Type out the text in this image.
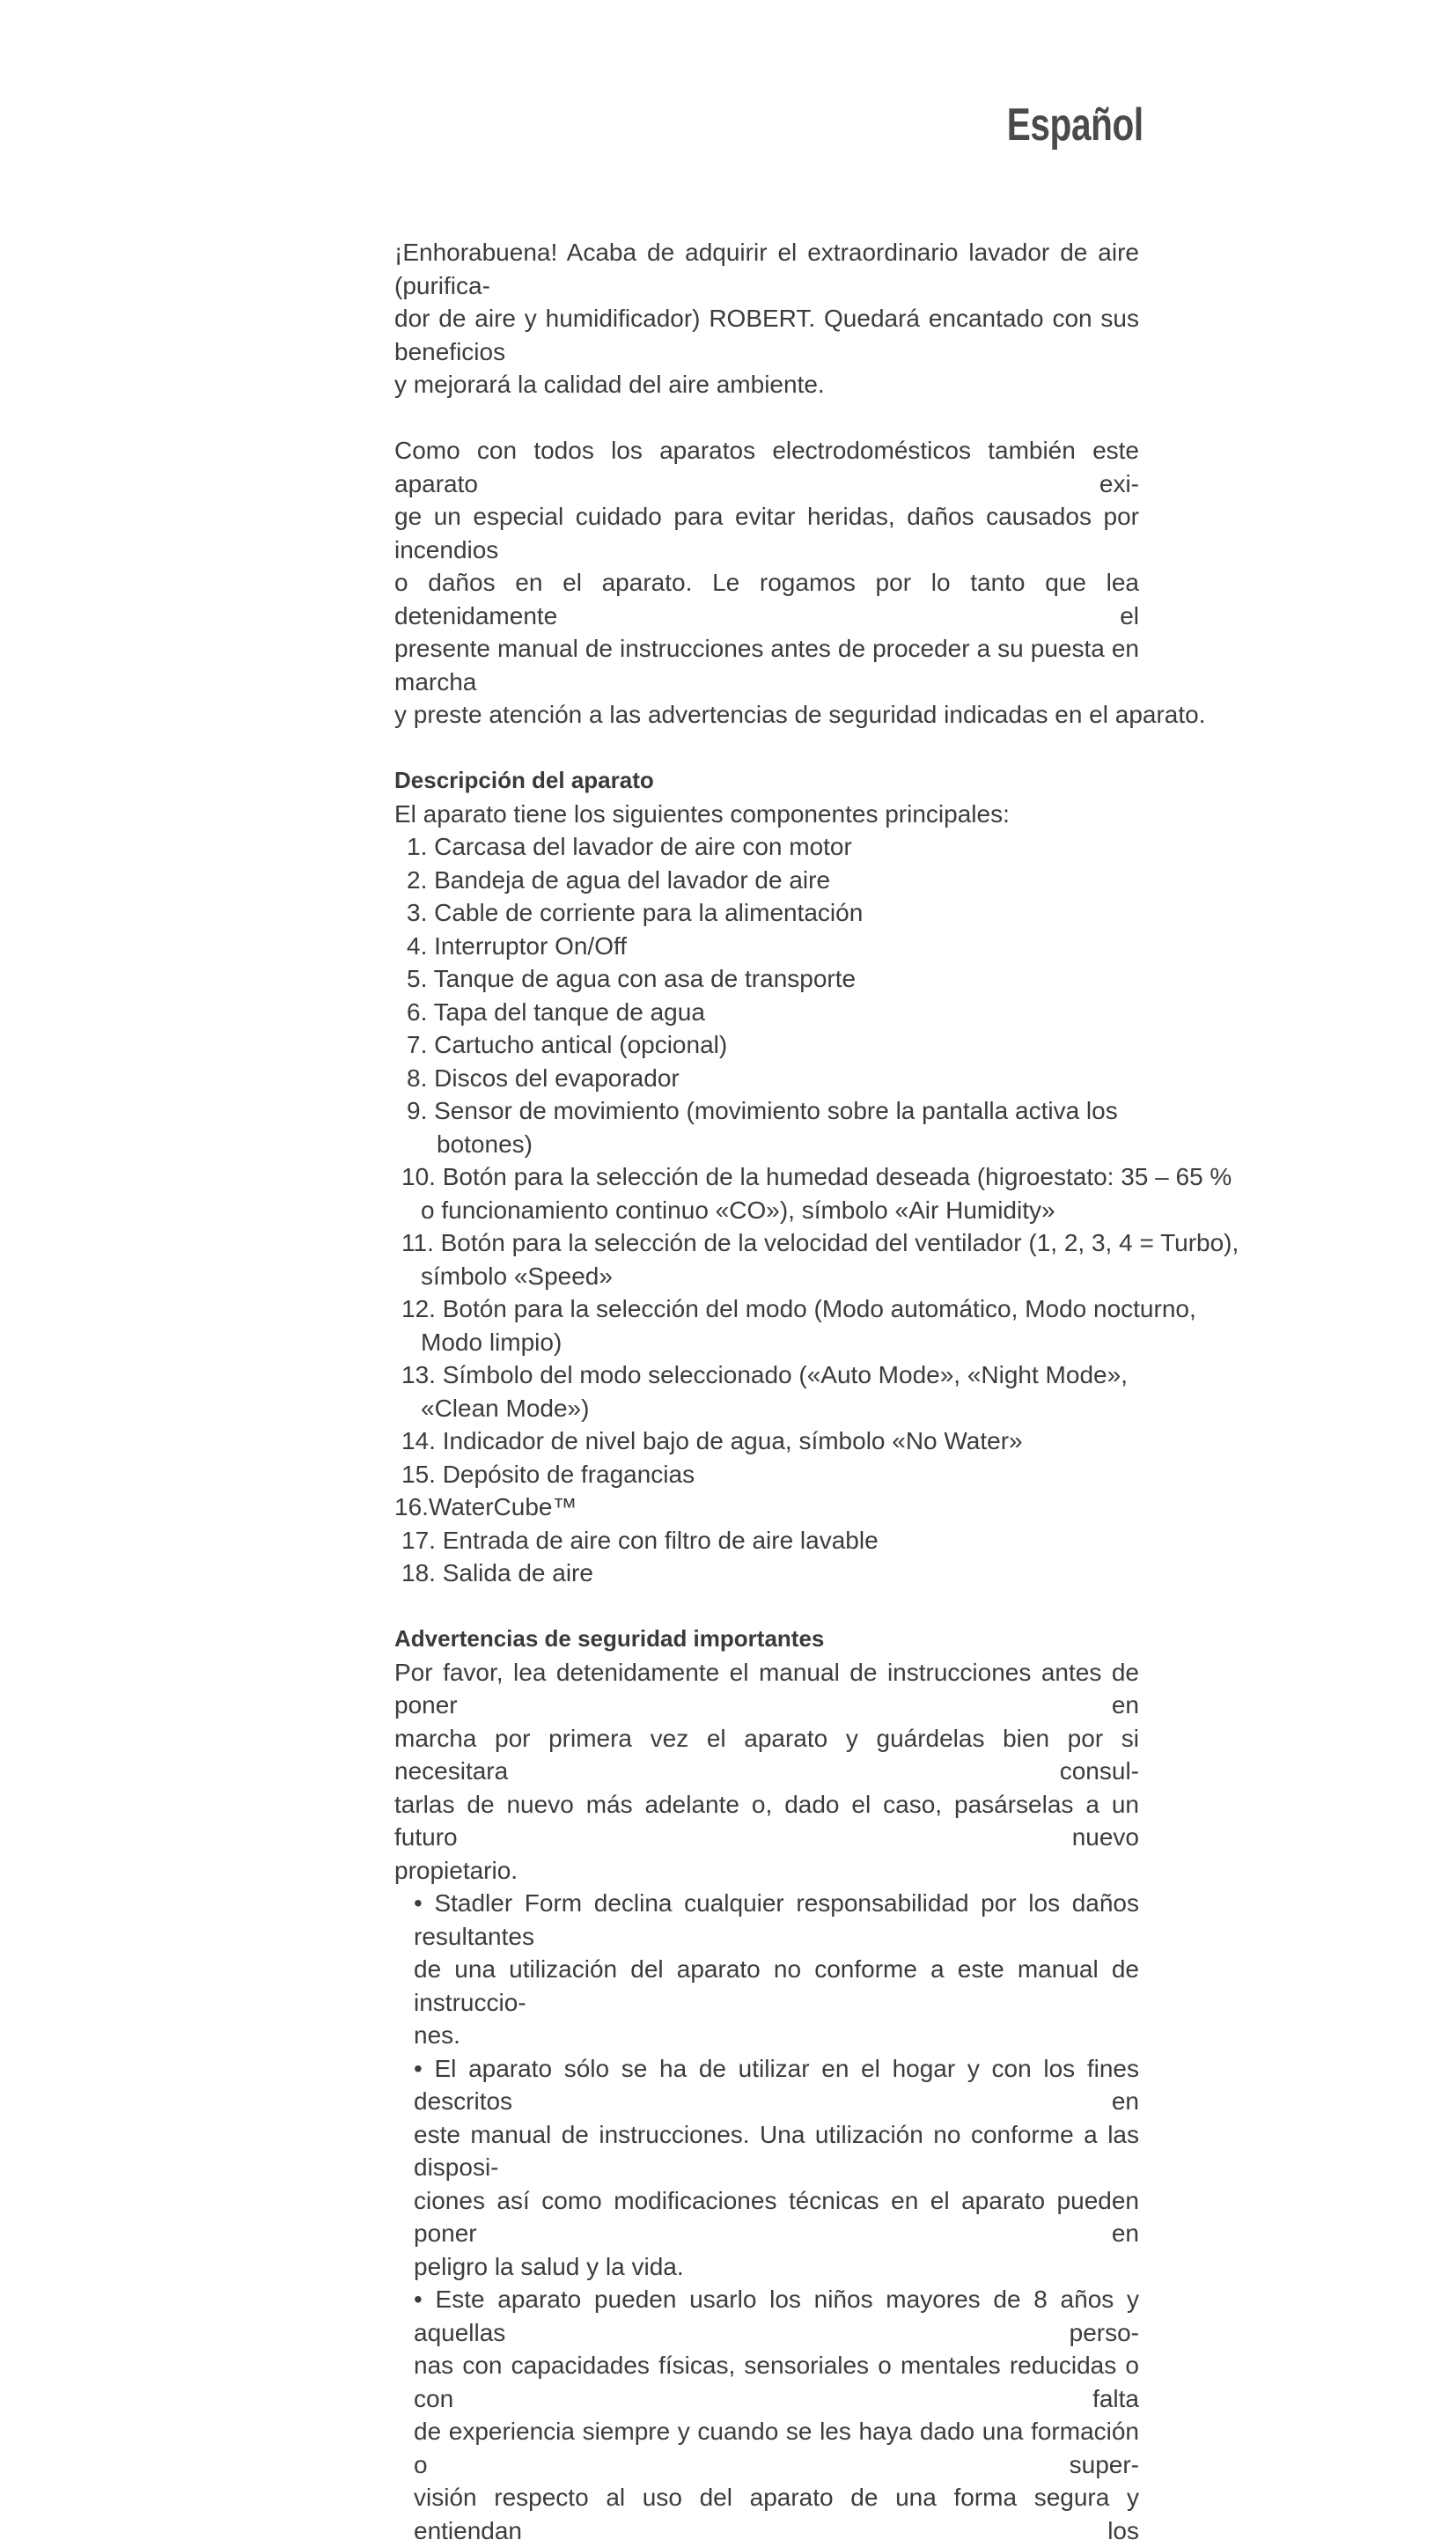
Español
¡Enhorabuena! Acaba de adquirir el extraordinario lavador de aire (purifica-
dor de aire y humidificador) ROBERT. Quedará encantado con sus beneficios
y mejorará la calidad del aire ambiente.
Como con todos los aparatos electrodomésticos también este aparato exi-
ge un especial cuidado para evitar heridas, daños causados por incendios
o daños en el aparato. Le rogamos por lo tanto que lea detenidamente el
presente manual de instrucciones antes de proceder a su puesta en marcha
y preste atención a las advertencias de seguridad indicadas en el aparato.
Descripción del aparato
El aparato tiene los siguientes componentes principales:
1. Carcasa del lavador de aire con motor
2. Bandeja de agua del lavador de aire
3. Cable de corriente para la alimentación
4. Interruptor On/Off
5. Tanque de agua con asa de transporte
6. Tapa del tanque de agua
7. Cartucho antical (opcional)
8. Discos del evaporador
9. Sensor de movimiento (movimiento sobre la pantalla activa los
botones)
10. Botón para la selección de la humedad deseada (higroestato: 35 – 65 %
o funcionamiento continuo «CO»), símbolo «Air Humidity»
11. Botón para la selección de la velocidad del ventilador (1, 2, 3, 4 = Turbo),
símbolo «Speed»
12. Botón para la selección del modo (Modo automático, Modo nocturno,
Modo limpio)
13. Símbolo del modo seleccionado («Auto Mode», «Night Mode»,
«Clean Mode»)
14. Indicador de nivel bajo de agua, símbolo «No Water»
15. Depósito de fragancias
16.WaterCube™
17. Entrada de aire con filtro de aire lavable
18. Salida de aire
Advertencias de seguridad importantes
Por favor, lea detenidamente el manual de instrucciones antes de poner en
marcha por primera vez el aparato y guárdelas bien por si necesitara consul-
tarlas de nuevo más adelante o, dado el caso, pasárselas a un futuro nuevo
propietario.
• Stadler Form declina cualquier responsabilidad por los daños resultantes
de una utilización del aparato no conforme a este manual de instruccio-
nes.
• El aparato sólo se ha de utilizar en el hogar y con los fines descritos en
este manual de instrucciones. Una utilización no conforme a las disposi-
ciones así como modificaciones técnicas en el aparato pueden poner en
peligro la salud y la vida.
• Este aparato pueden usarlo los niños mayores de 8 años y aquellas perso-
nas con capacidades físicas, sensoriales o mentales reducidas o con falta
de experiencia siempre y cuando se les haya dado una formación o super-
visión respecto al uso del aparato de una forma segura y entiendan los
